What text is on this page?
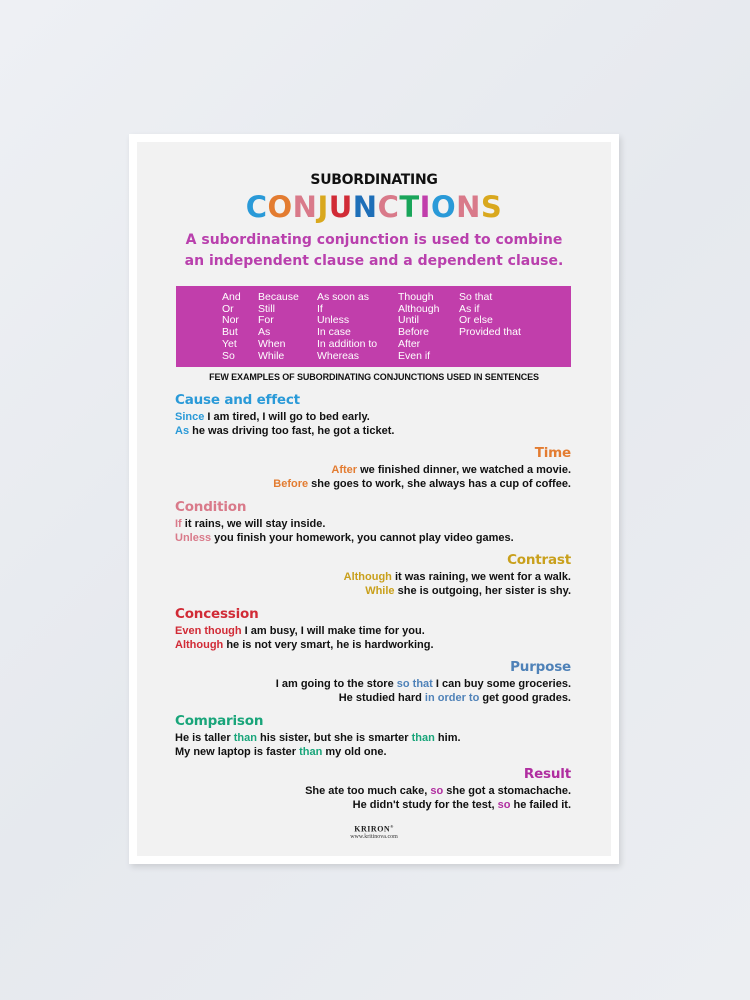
SUBORDINATING
CONJUNCTIONS
A subordinating conjunction is used to combine
an independent clause and a dependent clause.
And
Or
Nor
But
Yet
So
Because
Still
For
As
When
While
As soon as
If
Unless
In case
In addition to
Whereas
Though
Although
Until
Before
After
Even if
So that
As if
Or else
Provided that
FEW EXAMPLES OF SUBORDINATING CONJUNCTIONS USED IN SENTENCES
Cause and effect
Since I am tired, I will go to bed early.
As he was driving too fast, he got a ticket.
Time
After we finished dinner, we watched a movie.
Before she goes to work, she always has a cup of coffee.
Condition
If it rains, we will stay inside.
Unless you finish your homework, you cannot play video games.
Contrast
Although it was raining, we went for a walk.
While she is outgoing, her sister is shy.
Concession
Even though I am busy, I will make time for you.
Although he is not very smart, he is hardworking.
Purpose
I am going to the store so that I can buy some groceries.
He studied hard in order to get good grades.
Comparison
He is taller than his sister, but she is smarter than him.
My new laptop is faster than my old one.
Result
She ate too much cake, so she got a stomachache.
He didn't study for the test, so he failed it.
KRIRON®
www.kritinova.com
